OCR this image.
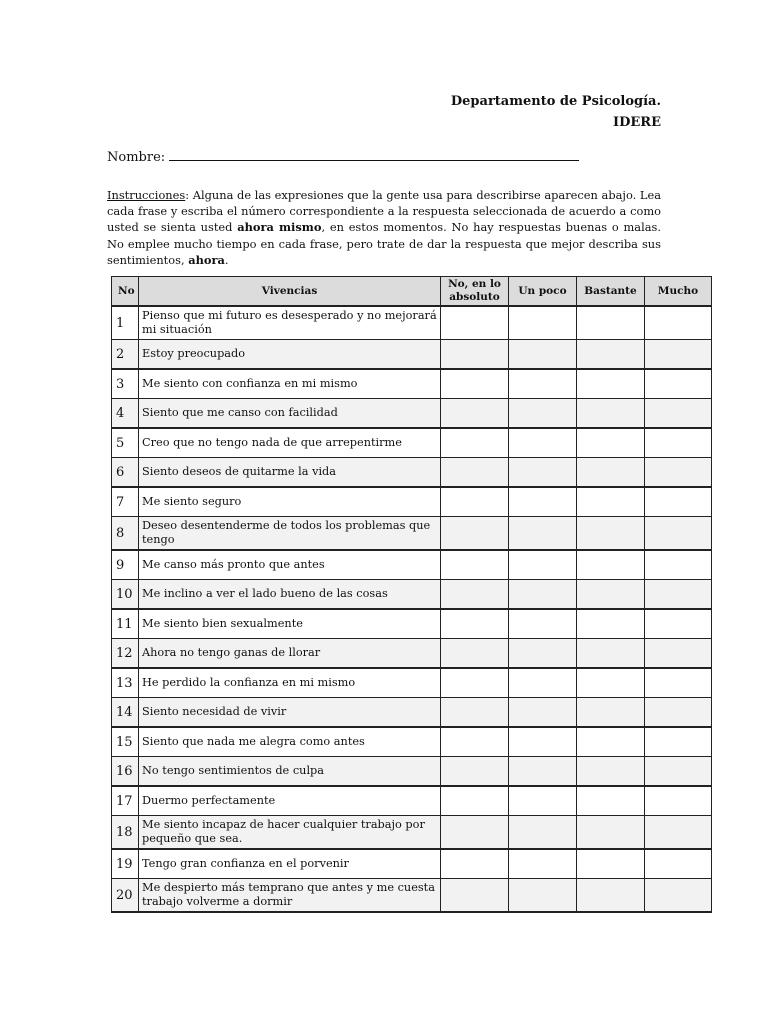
Departamento de Psicología.
IDERE
Nombre:
Instrucciones: Alguna de las expresiones que la gente usa para describirse aparecen abajo. Lea cada frase y escriba el número correspondiente a la respuesta seleccionada de acuerdo a como usted se sienta usted ahora mismo, en estos momentos. No hay respuestas buenas o malas. No emplee mucho tiempo en cada frase, pero trate de dar la respuesta que mejor describa sus sentimientos, ahora.
No	Vivencias	No, en lo absoluto	Un poco	Bastante	Mucho
1	Pienso que mi futuro es desesperado y no mejorará mi situación				
2	Estoy preocupado				
3	Me siento con confianza en mi mismo				
4	Siento que me canso con facilidad				
5	Creo que no tengo nada de que arrepentirme				
6	Siento deseos de quitarme la vida				
7	Me siento seguro				
8	Deseo desentenderme de todos los problemas que tengo				
9	Me canso más pronto que antes				
10	Me inclino a ver el lado bueno de las cosas				
11	Me siento bien sexualmente				
12	Ahora no tengo ganas de llorar				
13	He perdido la confianza en mi mismo				
14	Siento necesidad de vivir				
15	Siento que nada me alegra como antes				
16	No tengo sentimientos de culpa				
17	Duermo perfectamente				
18	Me siento incapaz de hacer cualquier trabajo por pequeño que sea.				
19	Tengo gran confianza en el porvenir				
20	Me despierto más temprano que antes y me cuesta trabajo volverme a dormir				
